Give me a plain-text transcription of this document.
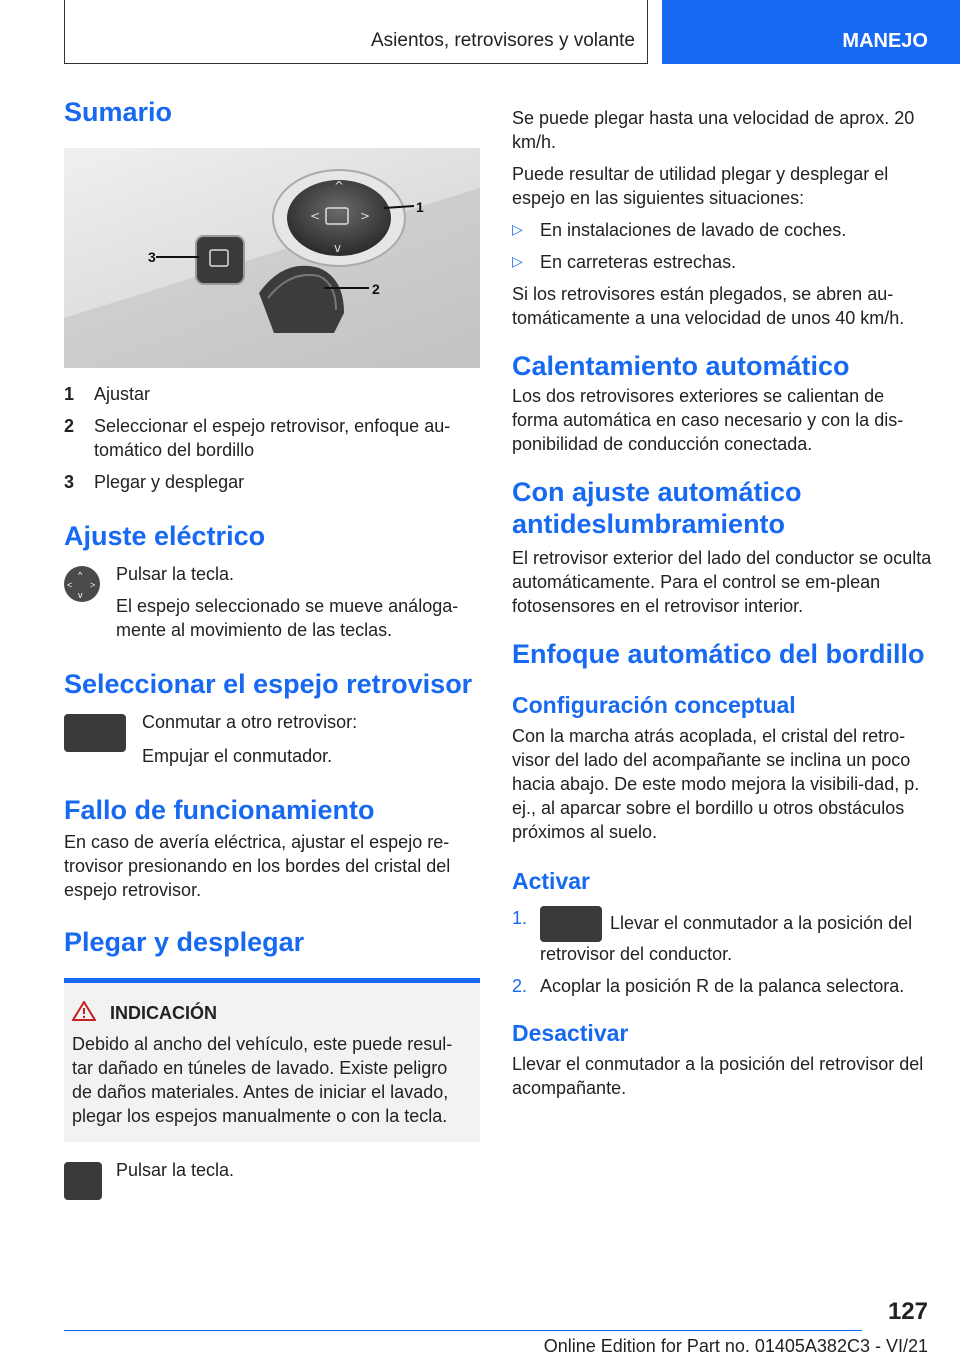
Asientos, retrovisores y volante	MANEJO
Sumario
^
v
<	>
1
3
2
1	Ajustar
2	Seleccionar el espejo retrovisor, enfoque au-tomático del bordillo
3	Plegar y desplegar
Ajuste eléctrico
^
v
< >

Pulsar la tecla.

El espejo seleccionado se mueve análoga-mente al movimiento de las teclas.

Seleccionar el espejo retrovisor

Conmutar a otro retrovisor:

Empujar el conmutador.

Fallo de funcionamiento

En caso de avería eléctrica, ajustar el espejo re-trovisor presionando en los bordes del cristal del espejo retrovisor.

Plegar y desplegar
INDICACIÓN

Debido al ancho del vehículo, este puede resul-tar dañado en túneles de lavado. Existe peligro de daños materiales. Antes de iniciar el lavado, plegar los espejos manualmente o con la tecla.

Pulsar la tecla.

Se puede plegar hasta una velocidad de aprox. 20 km/h.

Puede resultar de utilidad plegar y desplegar el espejo en las siguientes situaciones:

▷ En instalaciones de lavado de coches.

▷ En carreteras estrechas.

Si los retrovisores están plegados, se abren au-tomáticamente a una velocidad de unos 40 km/h.

Calentamiento automático

Los dos retrovisores exteriores se calientan de forma automática en caso necesario y con la dis-ponibilidad de conducción conectada.

Con ajuste automático antideslumbramiento

El retrovisor exterior del lado del conductor se oculta automáticamente. Para el control se em-plean fotosensores en el retrovisor interior.

Enfoque automático del bordillo
Configuración conceptual

Con la marcha atrás acoplada, el cristal del retro-visor del lado del acompañante se inclina un poco hacia abajo. De este modo mejora la visibili-dad, p. ej., al aparcar sobre el bordillo u otros obstáculos próximos al suelo.

Activar
1.	Llevar el conmutador a la posición del retrovisor del conductor.

2. Acoplar la posición R de la palanca selectora.

Desactivar

Llevar el conmutador a la posición del retrovisor del acompañante.

127
Online Edition for Part no. 01405A382C3 - VI/21
